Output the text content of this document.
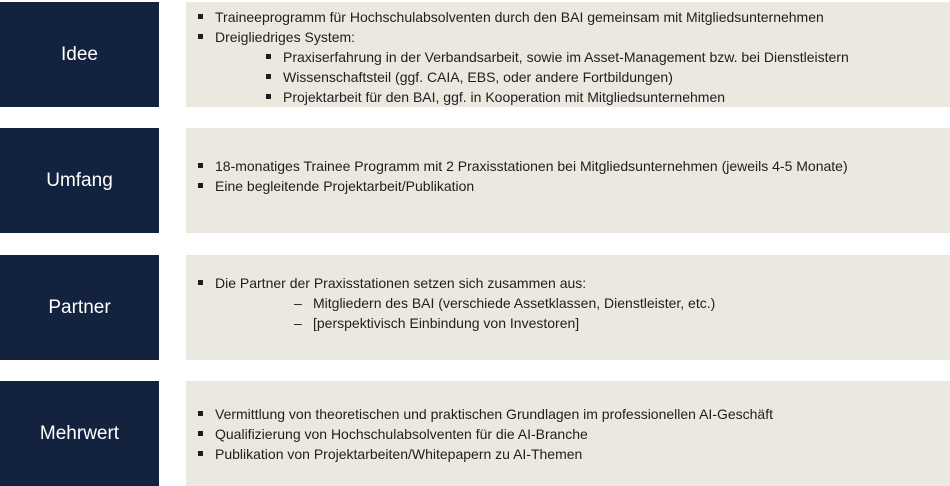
Idee
Traineeprogramm für Hochschulabsolventen durch den BAI gemeinsam mit Mitgliedsunternehmen
Dreigliedriges System:
Praxiserfahrung in der Verbandsarbeit, sowie im Asset-Management bzw. bei Dienstleistern
Wissenschaftsteil (ggf. CAIA, EBS, oder andere Fortbildungen)
Projektarbeit für den BAI, ggf. in Kooperation mit Mitgliedsunternehmen
Umfang
18-monatiges Trainee Programm mit 2 Praxisstationen bei Mitgliedsunternehmen (jeweils 4-5 Monate)
Eine begleitende Projektarbeit/Publikation
Partner
Die Partner der Praxisstationen setzen sich zusammen aus:
– Mitgliedern des BAI (verschiede Assetklassen, Dienstleister, etc.)
– [perspektivisch Einbindung von Investoren]
Mehrwert
Vermittlung von theoretischen und praktischen Grundlagen im professionellen AI-Geschäft
Qualifizierung von Hochschulabsolventen für die AI-Branche
Publikation von Projektarbeiten/Whitepapern zu AI-Themen
